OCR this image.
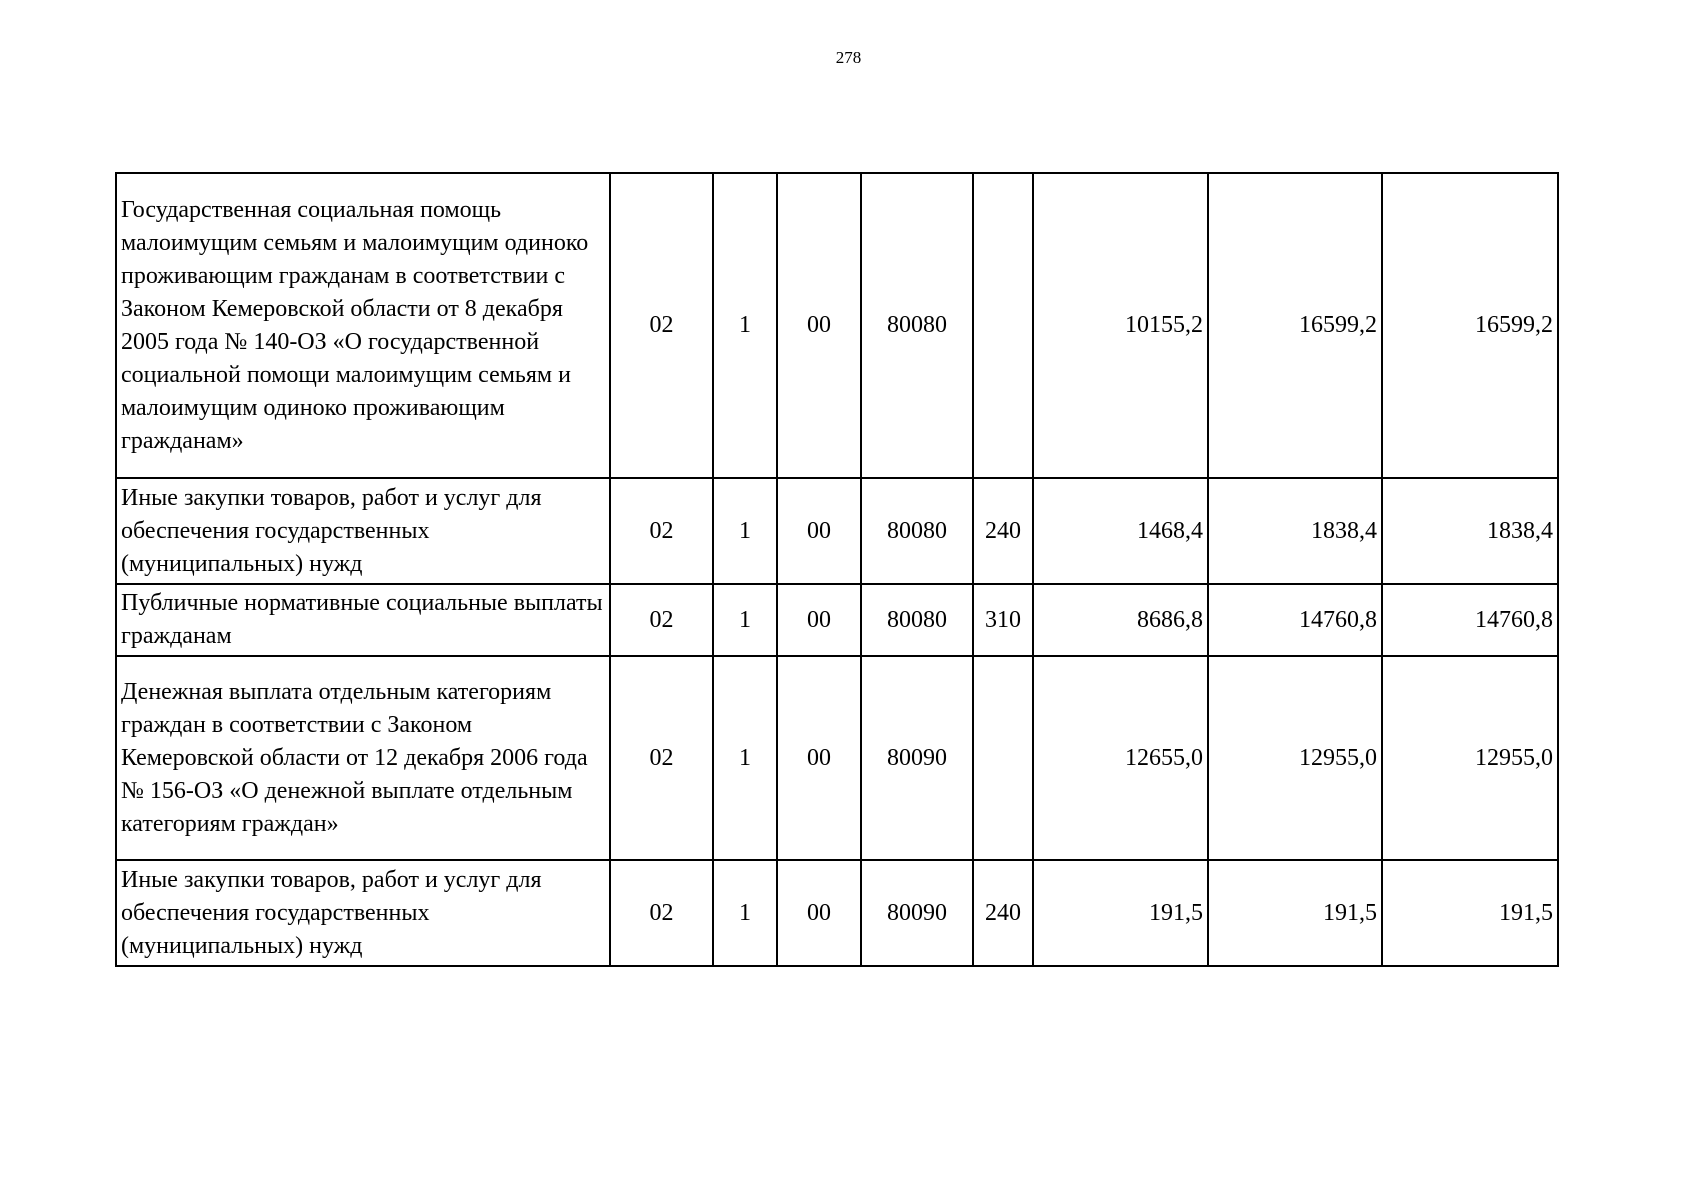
278
Государственная социальная помощь малоимущим семьям и малоимущим одиноко проживающим гражданам в соответствии с Законом Кемеровской области от 8 декабря 2005 года № 140-ОЗ «О государственной социальной помощи малоимущим семьям и малоимущим одиноко проживающим гражданам»	02	1	00	80080		10155,2	16599,2	16599,2
Иные закупки товаров, работ и услуг для обеспечения государственных (муниципальных) нужд	02	1	00	80080	240	1468,4	1838,4	1838,4
Публичные нормативные социальные выплаты гражданам	02	1	00	80080	310	8686,8	14760,8	14760,8
Денежная выплата отдельным категориям граждан в соответствии с Законом Кемеровской области от 12 декабря 2006 года № 156-ОЗ «О денежной выплате отдельным категориям граждан»	02	1	00	80090		12655,0	12955,0	12955,0
Иные закупки товаров, работ и услуг для обеспечения государственных (муниципальных) нужд	02	1	00	80090	240	191,5	191,5	191,5
